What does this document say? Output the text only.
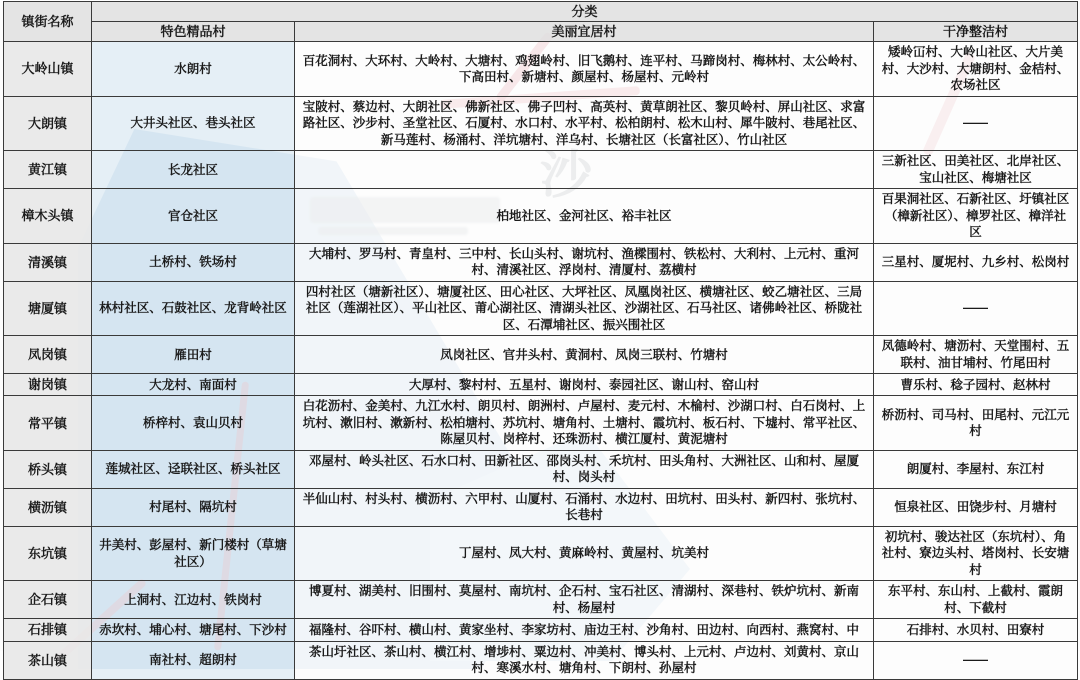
镇街名称	分类		
	特色精品村	美丽宜居村	干净整洁村
大岭山镇	水朗村	百花洞村、大环村、大岭村、大塘村、鸡翅岭村、旧飞鹅村、连平村、马蹄岗村、梅林村、太公岭村、下高田村、新塘村、颜屋村、杨屋村、元岭村	矮岭冚村、大岭山社区、大片美村、大沙村、大塘朗村、金桔村、农场社区
大朗镇	大井头社区、巷头社区	宝陂村、蔡边村、大朗社区、佛新社区、佛子凹村、高英村、黄草朗社区、黎贝岭村、屏山社区、求富路社区、沙步村、圣堂社区、石厦村、水口村、水平村、松柏朗村、松木山村、犀牛陂村、巷尾社区、新马莲村、杨涌村、洋坑塘村、洋乌村、长塘社区（长富社区）、竹山社区	——
黄江镇	长龙社区		三新社区、田美社区、北岸社区、宝山社区、梅塘社区
樟木头镇	官仓社区	柏地社区、金河社区、裕丰社区	百果洞社区、石新社区、圩镇社区（樟新社区）、樟罗社区、樟洋社区
清溪镇	土桥村、铁场村	大埔村、罗马村、青皇村、三中村、长山头村、谢坑村、渔樑围村、铁松村、大利村、上元村、重河村、清溪社区、浮岗村、清厦村、荔横村	三星村、厦坭村、九乡村、松岗村
塘厦镇	林村社区、石鼓社区、龙背岭社区	四村社区（塘新社区）、塘厦社区、田心社区、大坪社区、凤凰岗社区、横塘社区、蛟乙塘社区、三局社区（莲湖社区）、平山社区、莆心湖社区、清湖头社区、沙湖社区、石马社区、诸佛岭社区、桥陇社区、石潭埔社区、振兴围社区	——
凤岗镇	雁田村	凤岗社区、官井头村、黄洞村、凤岗三联村、竹塘村	凤德岭村、塘沥村、天堂围村、五联村、油甘埔村、竹尾田村
谢岗镇	大龙村、南面村	大厚村、黎村村、五星村、谢岗村、泰园社区、谢山村、窑山村	曹乐村、稔子园村、赵林村
常平镇	桥梓村、袁山贝村	白花沥村、金美村、九江水村、朗贝村、朗洲村、卢屋村、麦元村、木棆村、沙湖口村、白石岗村、上坑村、漱旧村、漱新村、松柏塘村、苏坑村、塘角村、土塘村、霞坑村、板石村、下墟村、常平社区、陈屋贝村、岗梓村、还珠沥村、横江厦村、黄泥塘村	桥沥村、司马村、田尾村、元江元村
桥头镇	莲城社区、迳联社区、桥头社区	邓屋村、岭头社区、石水口村、田新社区、邵岗头村、禾坑村、田头角村、大洲社区、山和村、屋厦村、岗头村	朗厦村、李屋村、东江村
横沥镇	村尾村、隔坑村	半仙山村、村头村、横沥村、六甲村、山厦村、石涌村、水边村、田坑村、田头村、新四村、张坑村、长巷村	恒泉社区、田饶步村、月塘村
东坑镇	井美村、彭屋村、新门楼村（草塘社区）	丁屋村、凤大村、黄麻岭村、黄屋村、坑美村	初坑村、骏达社区（东坑村）、角社村、寮边头村、塔岗村、长安塘村
企石镇	上洞村、江边村、铁岗村	博夏村、湖美村、旧围村、莫屋村、南坑村、企石村、宝石社区、清湖村、深巷村、铁炉坑村、新南村、杨屋村	东平村、东山村、上截村、霞朗村、下截村
石排镇	赤坎村、埔心村、塘尾村、下沙村	福隆村、谷吓村、横山村、黄家坐村、李家坊村、庙边王村、沙角村、田边村、向西村、燕窝村、中	石排村、水贝村、田寮村
茶山镇	南社村、超朗村	茶山圩社区、茶山村、横江村、增埗村、粟边村、冲美村、博头村、上元村、卢边村、刘黄村、京山村、寒溪水村、塘角村、下朗村、孙屋村	——
